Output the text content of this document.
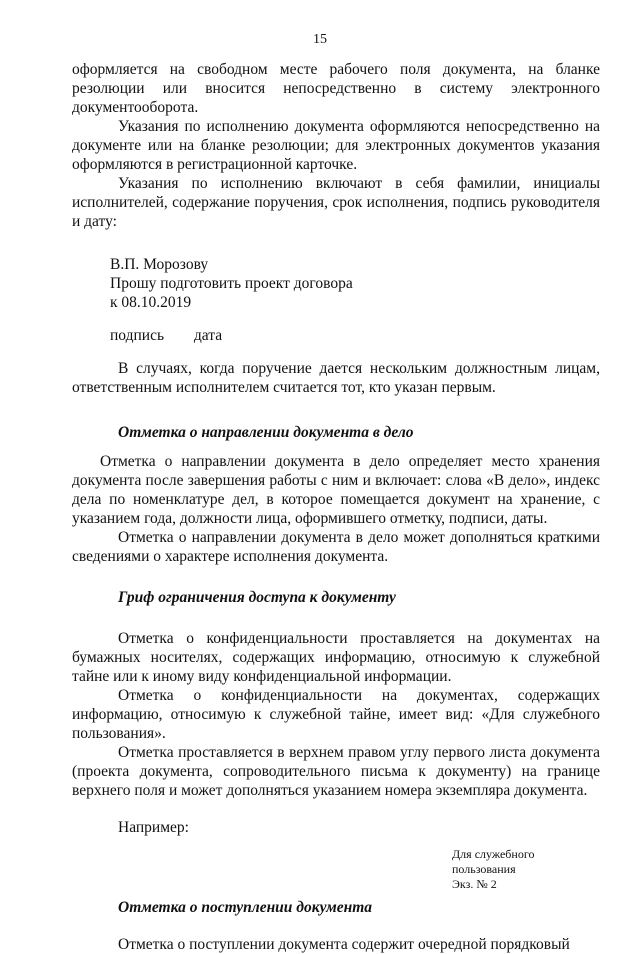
15

оформляется на свободном месте рабочего поля документа, на бланке резолюции или вносится непосредственно в систему электронного документооборота.

Указания по исполнению документа оформляются непосредственно на документе или на бланке резолюции; для электронных документов указания оформляются в регистрационной карточке.

Указания по исполнению включают в себя фамилии, инициалы исполнителей, содержание поручения, срок исполнения, подпись руководителя и дату:

В.П. Морозову
Прошу подготовить проект договора
к 08.10.2019
подпись дата

В случаях, когда поручение дается нескольким должностным лицам, ответственным исполнителем считается тот, кто указан первым.

Отметка о направлении документа в дело

Отметка о направлении документа в дело определяет место хранения документа после завершения работы с ним и включает: слова «В дело», индекс дела по номенклатуре дел, в которое помещается документ на хранение, с указанием года, должности лица, оформившего отметку, подписи, даты.

Отметка о направлении документа в дело может дополняться краткими сведениями о характере исполнения документа.

Гриф ограничения доступа к документу

Отметка о конфиденциальности проставляется на документах на бумажных носителях, содержащих информацию, относимую к служебной тайне или к иному виду конфиденциальной информации.

Отметка о конфиденциальности на документах, содержащих информацию, относимую к служебной тайне, имеет вид: «Для служебного пользования».

Отметка проставляется в верхнем правом углу первого листа документа (проекта документа, сопроводительного письма к документу) на границе верхнего поля и может дополняться указанием номера экземпляра документа.

Например:

Для служебного пользования
Экз. № 2

Отметка о поступлении документа

Отметка о поступлении документа содержит очередной порядковый
